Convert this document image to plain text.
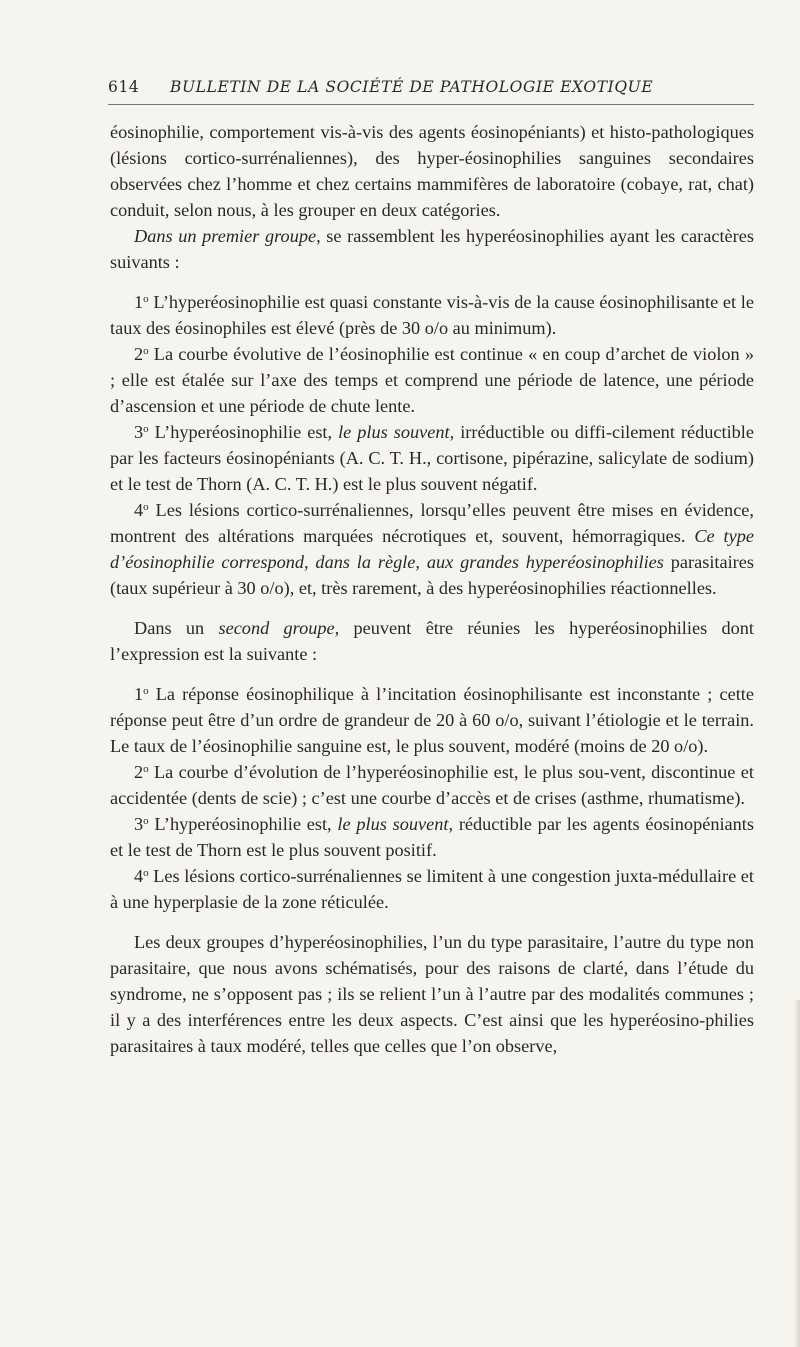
614	BULLETIN DE LA SOCIÉTÉ DE PATHOLOGIE EXOTIQUE

éosinophilie, comportement vis-à-vis des agents éosinopéniants) et histo-pathologiques (lésions cortico-surrénaliennes), des hyper-éosinophilies sanguines secondaires observées chez l’homme et chez certains mammifères de laboratoire (cobaye, rat, chat) conduit, selon nous, à les grouper en deux catégories.

Dans un premier groupe, se rassemblent les hyperéosinophilies ayant les caractères suivants :

1$^o$ L’hyperéosinophilie est quasi constante vis-à-vis de la cause éosinophilisante et le taux des éosinophiles est élevé (près de 30 o/o au minimum).

2$^o$ La courbe évolutive de l’éosinophilie est continue « en coup d’archet de violon » ; elle est étalée sur l’axe des temps et comprend une période de latence, une période d’ascension et une période de chute lente.

3$^o$ L’hyperéosinophilie est, le plus souvent, irréductible ou diffi-cilement réductible par les facteurs éosinopéniants (A. C. T. H., cortisone, pipérazine, salicylate de sodium) et le test de Thorn (A. C. T. H.) est le plus souvent négatif.

4$^o$ Les lésions cortico-surrénaliennes, lorsqu’elles peuvent être mises en évidence, montrent des altérations marquées nécrotiques et, souvent, hémorragiques. Ce type d’éosinophilie correspond, dans la règle, aux grandes hyperéosinophilies parasitaires (taux supérieur à 30 o/o), et, très rarement, à des hyperéosinophilies réactionnelles.

Dans un second groupe, peuvent être réunies les hyperéosinophilies dont l’expression est la suivante :

1$^o$ La réponse éosinophilique à l’incitation éosinophilisante est inconstante ; cette réponse peut être d’un ordre de grandeur de 20 à 60 o/o, suivant l’étiologie et le terrain. Le taux de l’éosinophilie sanguine est, le plus souvent, modéré (moins de 20 o/o).

2$^o$ La courbe d’évolution de l’hyperéosinophilie est, le plus sou-vent, discontinue et accidentée (dents de scie) ; c’est une courbe d’accès et de crises (asthme, rhumatisme).

3$^o$ L’hyperéosinophilie est, le plus souvent, réductible par les agents éosinopéniants et le test de Thorn est le plus souvent positif.

4$^o$ Les lésions cortico-surrénaliennes se limitent à une congestion juxta-médullaire et à une hyperplasie de la zone réticulée.

Les deux groupes d’hyperéosinophilies, l’un du type parasitaire, l’autre du type non parasitaire, que nous avons schématisés, pour des raisons de clarté, dans l’étude du syndrome, ne s’opposent pas ; ils se relient l’un à l’autre par des modalités communes ; il y a des interférences entre les deux aspects. C’est ainsi que les hyperéosino-philies parasitaires à taux modéré, telles que celles que l’on observe,
